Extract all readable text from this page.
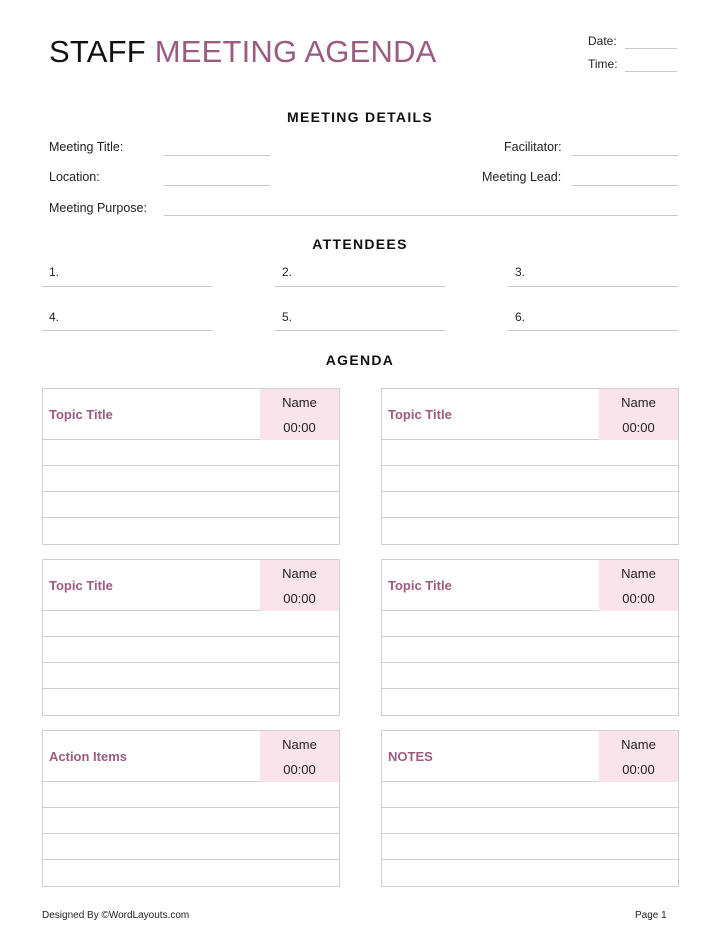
STAFF MEETING AGENDA	Date:
Time:
MEETING DETAILS
Meeting Title:	Facilitator:
Location:	Meeting Lead:
Meeting Purpose:
ATTENDEES
1.	2.	3.
4.	5.	6.
AGENDA
Topic Title
Name
00:00
Topic Title
Name
00:00
Topic Title
Name
00:00
Topic Title
Name
00:00
Action Items
Name
00:00
NOTES
Name
00:00
Designed By ©WordLayouts.com	Page 1
